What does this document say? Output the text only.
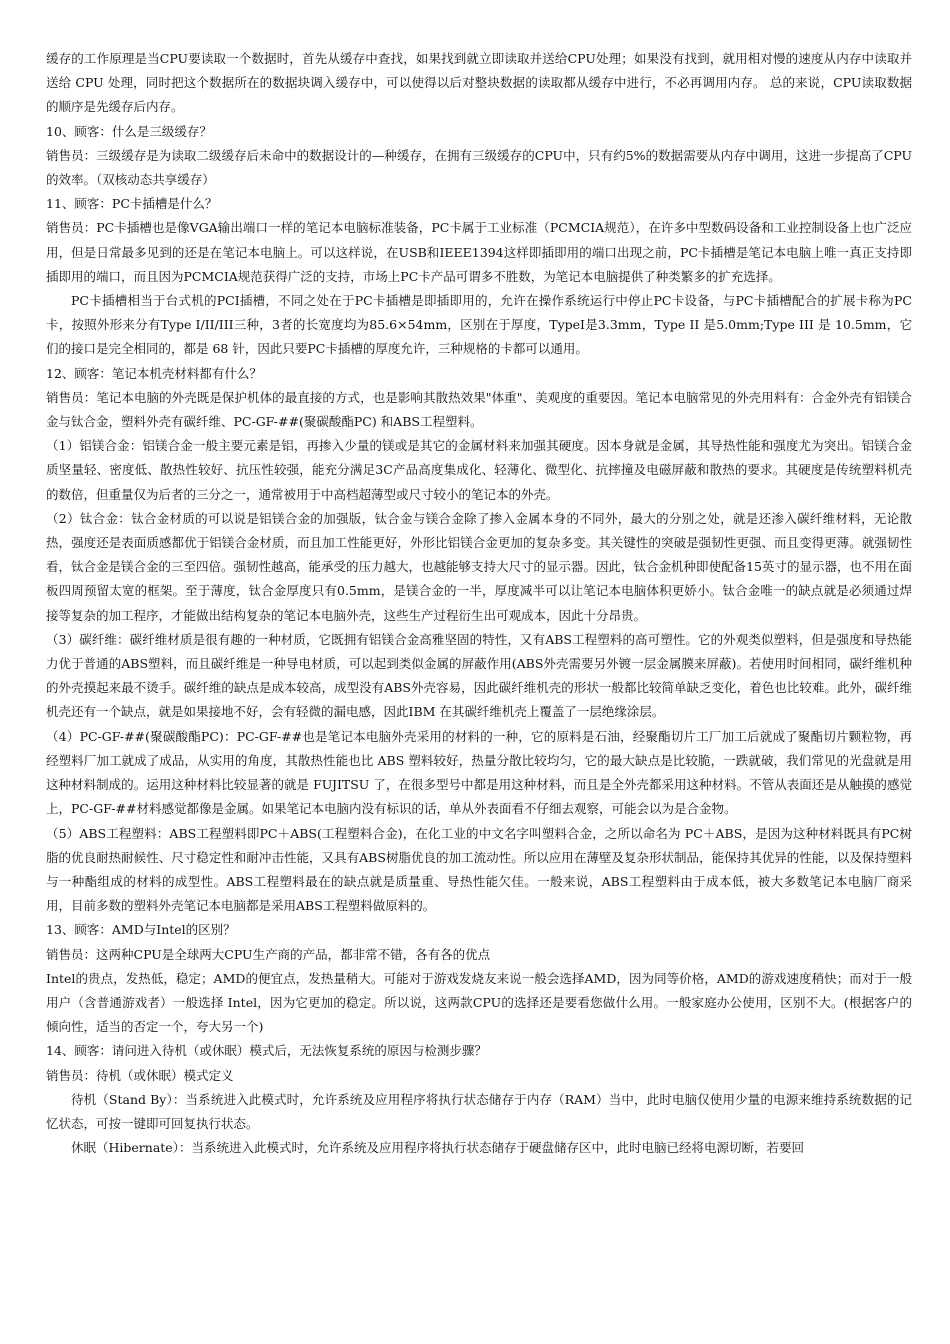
缓存的工作原理是当CPU要读取一个数据时，首先从缓存中查找，如果找到就立即读取并送给CPU处理；如果没有找到，就用相对慢的速度从内存中读取并送给 CPU 处理，同时把这个数据所在的数据块调入缓存中，可以使得以后对整块数据的读取都从缓存中进行，不必再调用内存。 总的来说，CPU读取数据的顺序是先缓存后内存。

10、顾客：什么是三级缓存？

销售员：三级缓存是为读取二级缓存后未命中的数据设计的—种缓存，在拥有三级缓存的CPU中，只有约5%的数据需要从内存中调用，这进一步提高了CPU的效率。（双核动态共享缓存）

11、顾客：PC卡插槽是什么？

销售员：PC卡插槽也是像VGA输出端口一样的笔记本电脑标准装备，PC卡属于工业标准（PCMCIA规范），在许多中型数码设备和工业控制设备上也广泛应用，但是日常最多见到的还是在笔记本电脑上。可以这样说，在USB和IEEE1394这样即插即用的端口出现之前，PC卡插槽是笔记本电脑上唯一真正支持即插即用的端口，而且因为PCMCIA规范获得广泛的支持，市场上PC卡产品可谓多不胜数，为笔记本电脑提供了种类繁多的扩充选择。

PC卡插槽相当于台式机的PCI插槽，不同之处在于PC卡插槽是即插即用的，允许在操作系统运行中停止PC卡设备，与PC卡插槽配合的扩展卡称为PC卡，按照外形来分有Type I/II/III三种，3者的长宽度均为85.6×54mm，区别在于厚度，TypeI是3.3mm，Type II 是5.0mm;Type III 是 10.5mm，它们的接口是完全相同的，都是 68 针，因此只要PC卡插槽的厚度允许，三种规格的卡都可以通用。

12、顾客：笔记本机壳材料都有什么？

销售员：笔记本电脑的外壳既是保护机体的最直接的方式，也是影响其散热效果"体重"、美观度的重要因。笔记本电脑常见的外壳用料有：合金外壳有铝镁合金与钛合金，塑料外壳有碳纤维、PC-GF-##(聚碳酸酯PC) 和ABS工程塑料。

（1）铝镁合金：铝镁合金一般主要元素是铝，再掺入少量的镁或是其它的金属材料来加强其硬度。因本身就是金属，其导热性能和强度尤为突出。铝镁合金质坚量轻、密度低、散热性较好、抗压性较强，能充分满足3C产品高度集成化、轻薄化、微型化、抗摔撞及电磁屏蔽和散热的要求。其硬度是传统塑料机壳的数倍，但重量仅为后者的三分之一，通常被用于中高档超薄型或尺寸较小的笔记本的外壳。

（2）钛合金：钛合金材质的可以说是铝镁合金的加强版，钛合金与镁合金除了掺入金属本身的不同外，最大的分别之处，就是还渗入碳纤维材料，无论散热，强度还是表面质感都优于铝镁合金材质，而且加工性能更好，外形比铝镁合金更加的复杂多变。其关键性的突破是强韧性更强、而且变得更薄。就强韧性看，钛合金是镁合金的三至四倍。强韧性越高，能承受的压力越大，也越能够支持大尺寸的显示器。因此，钛合金机种即使配备15英寸的显示器，也不用在面板四周预留太宽的框架。至于薄度，钛合金厚度只有0.5mm，是镁合金的一半，厚度减半可以让笔记本电脑体积更娇小。钛合金唯一的缺点就是必须通过焊接等复杂的加工程序，才能做出结构复杂的笔记本电脑外壳，这些生产过程衍生出可观成本，因此十分昂贵。

（3）碳纤维：碳纤维材质是很有趣的一种材质，它既拥有铝镁合金高雅坚固的特性，又有ABS工程塑料的高可塑性。它的外观类似塑料，但是强度和导热能力优于普通的ABS塑料，而且碳纤维是一种导电材质，可以起到类似金属的屏蔽作用(ABS外壳需要另外镀一层金属膜来屏蔽)。若使用时间相同，碳纤维机种的外壳摸起来最不烫手。碳纤维的缺点是成本较高，成型没有ABS外壳容易，因此碳纤维机壳的形状一般都比较简单缺乏变化，着色也比较难。此外，碳纤维机壳还有一个缺点，就是如果接地不好，会有轻微的漏电感，因此IBM 在其碳纤维机壳上覆盖了一层绝缘涂层。

（4）PC-GF-##(聚碳酸酯PC)：PC-GF-##也是笔记本电脑外壳采用的材料的一种，它的原料是石油，经聚酯切片工厂加工后就成了聚酯切片颗粒物，再经塑料厂加工就成了成品，从实用的角度，其散热性能也比 ABS 塑料较好，热量分散比较均匀，它的最大缺点是比较脆，一跌就破，我们常见的光盘就是用这种材料制成的。运用这种材料比较显著的就是 FUJITSU 了，在很多型号中都是用这种材料，而且是全外壳都采用这种材料。不管从表面还是从触摸的感觉上，PC-GF-##材料感觉都像是金属。如果笔记本电脑内没有标识的话，单从外表面看不仔细去观察，可能会以为是合金物。

（5）ABS工程塑料：ABS工程塑料即PC＋ABS(工程塑料合金)，在化工业的中文名字叫塑料合金，之所以命名为 PC＋ABS，是因为这种材料既具有PC树脂的优良耐热耐候性、尺寸稳定性和耐冲击性能，又具有ABS树脂优良的加工流动性。所以应用在薄壁及复杂形状制品，能保持其优异的性能，以及保持塑料与一种酯组成的材料的成型性。ABS工程塑料最在的缺点就是质量重、导热性能欠佳。一般来说，ABS工程塑料由于成本低，被大多数笔记本电脑厂商采用，目前多数的塑料外壳笔记本电脑都是采用ABS工程塑料做原料的。

13、顾客：AMD与Intel的区别？

销售员：这两种CPU是全球两大CPU生产商的产品，都非常不错，各有各的优点

Intel的贵点，发热低，稳定；AMD的便宜点，发热量稍大。可能对于游戏发烧友来说一般会选择AMD，因为同等价格，AMD的游戏速度稍快；而对于一般用户（含普通游戏者）一般选择 Intel，因为它更加的稳定。所以说，这两款CPU的选择还是要看您做什么用。一般家庭办公使用，区别不大。(根据客户的倾向性，适当的否定一个，夸大另一个)

14、顾客：请问进入待机（或休眠）模式后，无法恢复系统的原因与检测步骤？

销售员：待机（或休眠）模式定义

待机（Stand By）：当系统进入此模式时，允许系统及应用程序将执行状态储存于内存（RAM）当中，此时电脑仅使用少量的电源来维持系统数据的记忆状态，可按一键即可回复执行状态。

休眠（Hibernate）：当系统进入此模式时，允许系统及应用程序将执行状态储存于硬盘储存区中，此时电脑已经将电源切断，若要回
